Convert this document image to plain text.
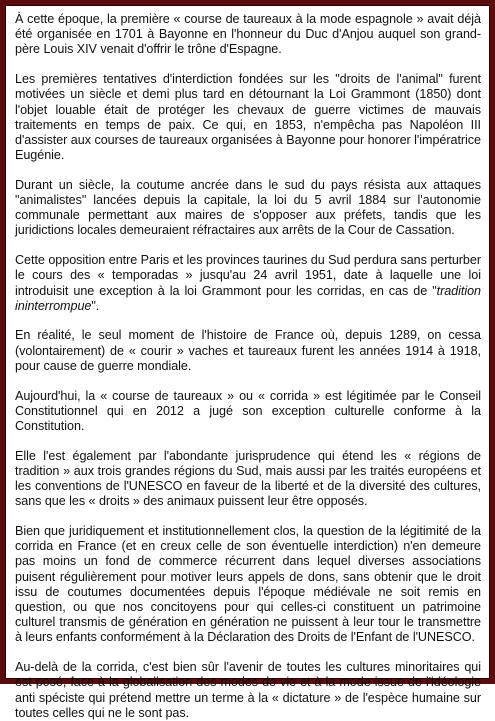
À cette époque, la première « course de taureaux à la mode espagnole » avait déjà été organisée en 1701 à Bayonne en l'honneur du Duc d'Anjou auquel son grand-père Louis XIV venait d'offrir le trône d'Espagne.

Les premières tentatives d'interdiction fondées sur les "droits de l'animal" furent motivées un siècle et demi plus tard en détournant la Loi Grammont (1850) dont l'objet louable était de protéger les chevaux de guerre victimes de mauvais traitements en temps de paix. Ce qui, en 1853, n'empêcha pas Napoléon III d'assister aux courses de taureaux organisées à Bayonne pour honorer l'impératrice Eugénie.

Durant un siècle, la coutume ancrée dans le sud du pays résista aux attaques "animalistes" lancées depuis la capitale, la loi du 5 avril 1884 sur l'autonomie communale permettant aux maires de s'opposer aux préfets, tandis que les juridictions locales demeuraient réfractaires aux arrêts de la Cour de Cassation.

Cette opposition entre Paris et les provinces taurines du Sud perdura sans perturber le cours des « temporadas » jusqu'au 24 avril 1951, date à laquelle une loi introduisit une exception à la loi Grammont pour les corridas, en cas de "tradition ininterrompue".

En réalité, le seul moment de l'histoire de France où, depuis 1289, on cessa (volontairement) de « courir » vaches et taureaux furent les années 1914 à 1918, pour cause de guerre mondiale.

Aujourd'hui, la « course de taureaux » ou « corrida » est légitimée par le Conseil Constitutionnel qui en 2012 a jugé son exception culturelle conforme à la Constitution.

Elle l'est également par l'abondante jurisprudence qui étend les « régions de tradition » aux trois grandes régions du Sud, mais aussi par les traités européens et les conventions de l'UNESCO en faveur de la liberté et de la diversité des cultures, sans que les « droits » des animaux puissent leur être opposés.

Bien que juridiquement et institutionnellement clos, la question de la légitimité de la corrida en France (et en creux celle de son éventuelle interdiction) n'en demeure pas moins un fond de commerce récurrent dans lequel diverses associations puisent régulièrement pour motiver leurs appels de dons, sans obtenir que le droit issu de coutumes documentées depuis l'époque médiévale ne soit remis en question, ou que nos concitoyens pour qui celles-ci constituent un patrimoine culturel transmis de génération en génération ne puissent à leur tour le transmettre à leurs enfants conformément à la Déclaration des Droits de l'Enfant de l'UNESCO.

Au-delà de la corrida, c'est bien sûr l'avenir de toutes les cultures minoritaires qui est posé, face à la globalisation des modes de vie et à la mode issue de l'idéologie anti spéciste qui prétend mettre un terme à la « dictature » de l'espèce humaine sur toutes celles qui ne le sont pas.
